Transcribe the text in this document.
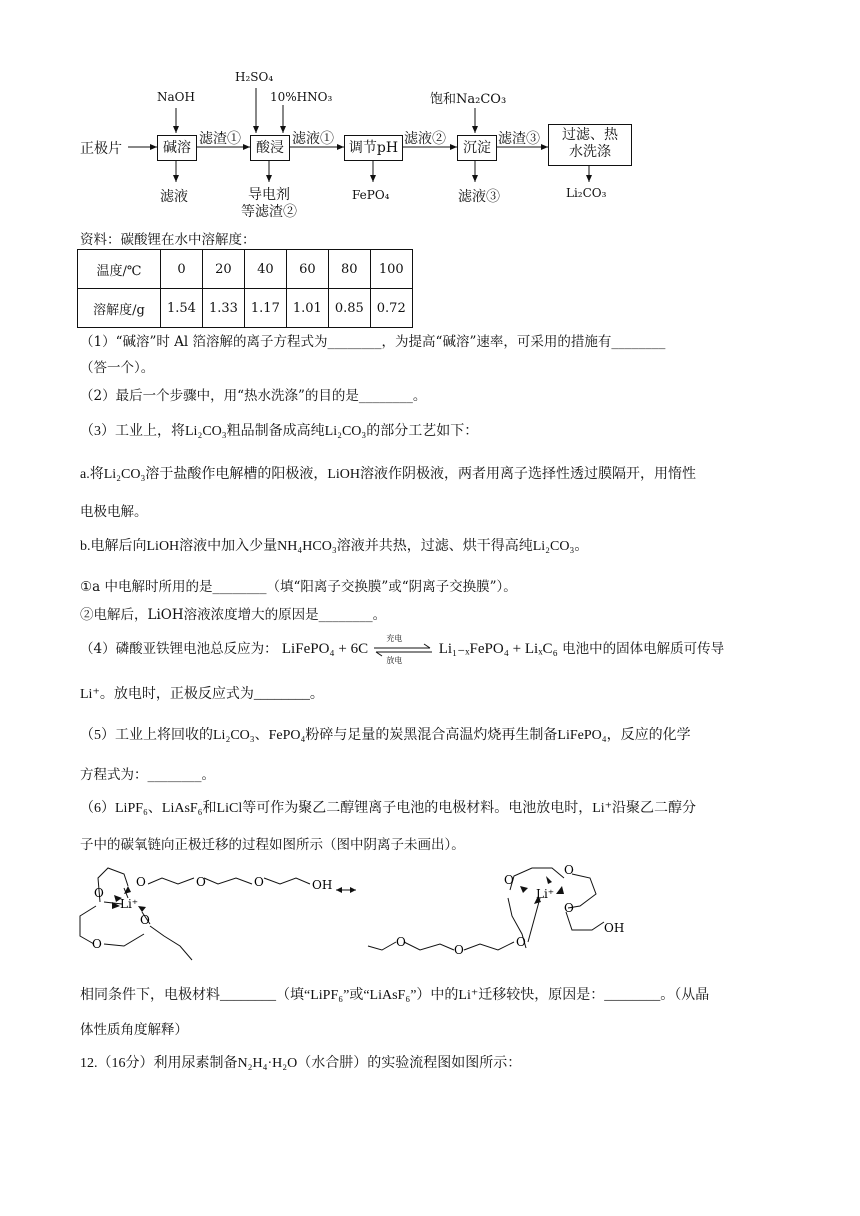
正极片	碱溶	酸浸	调节pH	沉淀
过滤、热
水洗涤
NaOH
H₂SO₄
10%HNO₃	饱和Na₂CO₃
滤渣①	滤液①	滤液②	滤渣③
滤液	导电剂
等滤渣②
FePO₄	滤液③	Li₂CO₃
资料：碳酸锂在水中溶解度：
温度/℃	0	20	40	60	80	100
溶解度/g	1.54	1.33	1.17	1.01	0.85	0.72
（1）“碱溶”时 Al 箔溶解的离子方程式为________，为提高“碱溶”速率，可采用的措施有________
（答一个）。
（2）最后一个步骤中，用“热水洗涤”的目的是________。
（3）工业上，将Li₂CO₃粗品制备成高纯Li₂CO₃的部分工艺如下：
a.将Li₂CO₃溶于盐酸作电解槽的阳极液，LiOH溶液作阴极液，两者用离子选择性透过膜隔开，用惰性
电极电解。
b.电解后向LiOH溶液中加入少量NH₄HCO₃溶液并共热，过滤、烘干得高纯Li₂CO₃。
①a 中电解时所用的是________（填“阳离子交换膜”或“阴离子交换膜”）。
②电解后，LiOH溶液浓度增大的原因是________。
（4）磷酸亚铁锂电池总反应为： LiFePO₄ + 6C
充电
放电
Li₁₋ₓFePO₄ + LiₓC₆ 电池中的固体电解质可传导
Li⁺。放电时，正极反应式为________。
（5）工业上将回收的Li₂CO₃、FePO₄粉碎与足量的炭黑混合高温灼烧再生制备LiFePO₄，反应的化学
方程式为：________。
（6）LiPF₆、LiAsF₆和LiCl等可作为聚乙二醇锂离子电池的电极材料。电池放电时，Li⁺沿聚乙二醇分
子中的碳氧链向正极迁移的过程如图所示（图中阴离子未画出）。
O
O	O	O	OH
Li⁺
O
O
O
O
Li⁺
O
OH
O
O
O
相同条件下，电极材料________（填“LiPF₆”或“LiAsF₆”）中的Li⁺迁移较快，原因是：________。（从晶
体性质角度解释）
12.（16分）利用尿素制备N₂H₄·H₂O（水合肼）的实验流程图如图所示：
